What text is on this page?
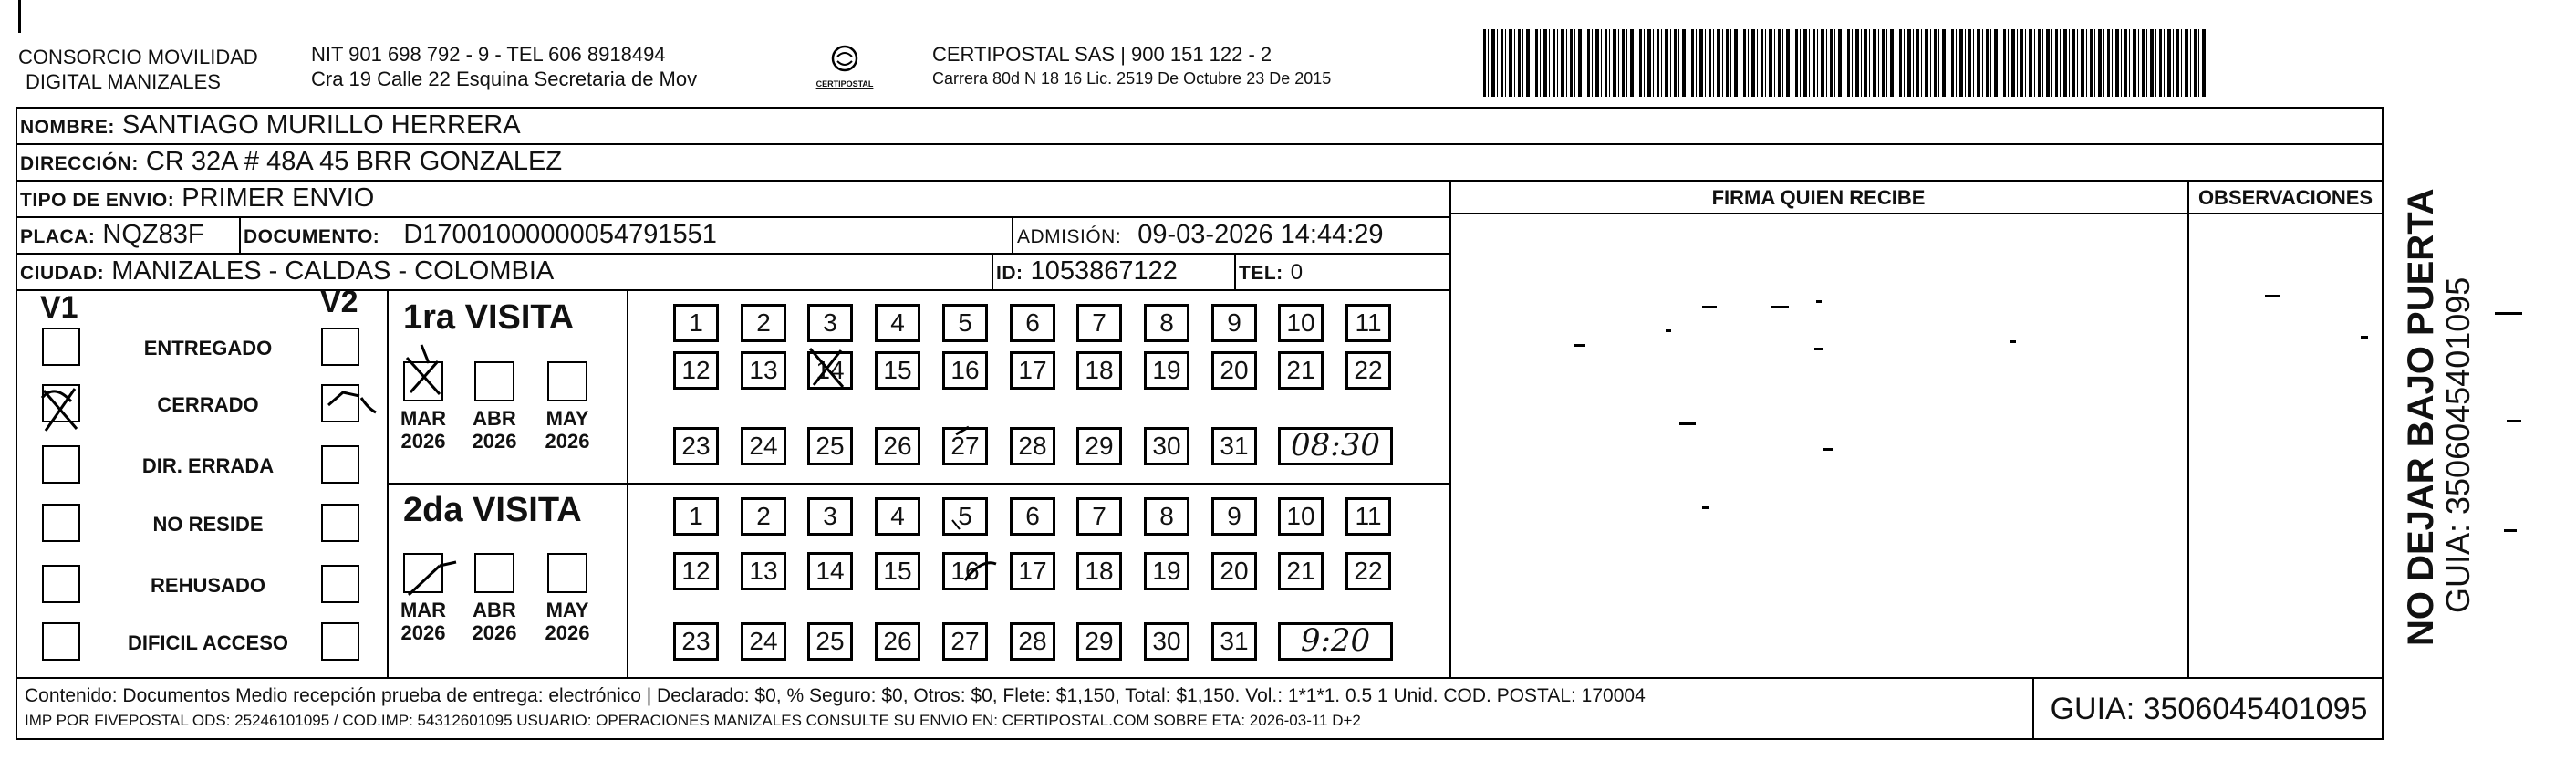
CONSORCIO MOVILIDAD
DIGITAL MANIZALES
NIT 901 698 792 - 9 - TEL 606 8918494
Cra 19 Calle 22 Esquina Secretaria de Mov	CERTIPOSTAL
CERTIPOSTAL SAS | 900 151 122 - 2
Carrera 80d N 18 16 Lic. 2519 De Octubre 23 De 2015
NOMBRE: SANTIAGO MURILLO HERRERA
DIRECCIÓN: CR 32A # 48A 45 BRR GONZALEZ
TIPO DE ENVIO: PRIMER ENVIO
PLACA: NQZ83F DOCUMENTO: D17001000000054791551	ADMISIÓN: 09-03-2026 14:44:29
CIUDAD: MANIZALES - CALDAS - COLOMBIA	ID: 1053867122	TEL: 0
FIRMA QUIEN RECIBE	OBSERVACIONES
V1	V2
ENTREGADO
CERRADO
DIR. ERRADA
NO RESIDE
REHUSADO
DIFICIL ACCESO
1ra VISITA
2da VISITA
MAR
2026
ABR
2026
MAY
2026
MAR
2026
ABR
2026
MAY
2026
1	2	3	4	5	6	7	8	9	10	11
12	13	14	15	16	17	18	19	20	21	22
23	24	25	26	27	28	29	30	31	08:30
1	2	3	4	5	6	7	8	9	10	11
12	13	14	15	16	17	18	19	20	21	22
23	24	25	26	27	28	29	30	31	9:20
Contenido: Documentos Medio recepción prueba de entrega: electrónico | Declarado: $0, % Seguro: $0, Otros: $0, Flete: $1,150, Total: $1,150. Vol.: 1*1*1. 0.5 1 Unid. COD. POSTAL: 170004
IMP POR FIVEPOSTAL ODS: 25246101095 / COD.IMP: 54312601095 USUARIO: OPERACIONES MANIZALES CONSULTE SU ENVIO EN: CERTIPOSTAL.COM SOBRE ETA: 2026-03-11 D+2	GUIA: 3506045401095
NO DEJAR BAJO PUERTA
GUIA: 3506045401095
